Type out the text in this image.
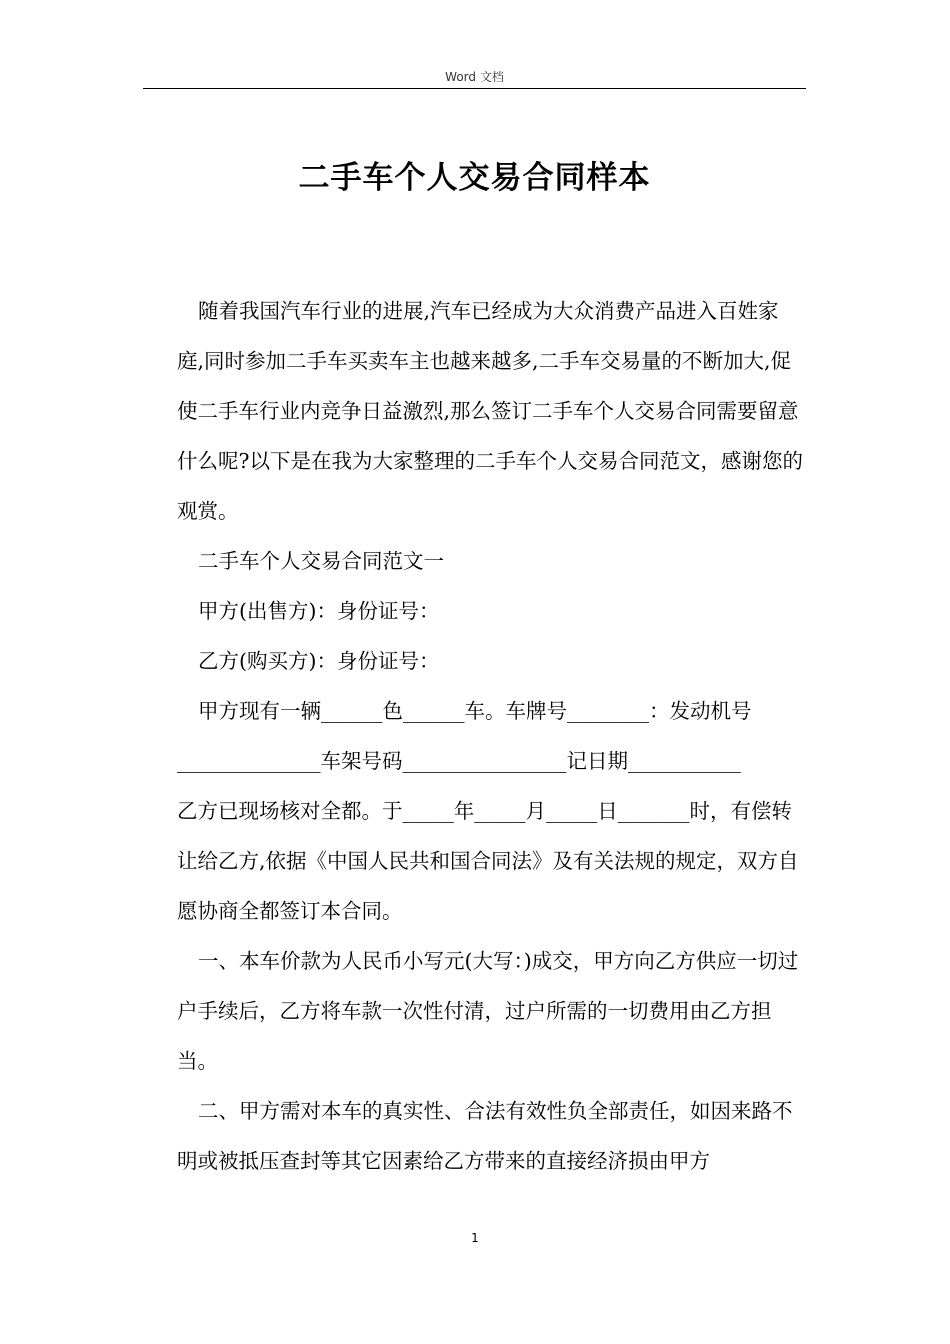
Word 文档
二手车个人交易合同样本

随着我国汽车行业的进展,汽车已经成为大众消费产品进入百姓家庭,同时参加二手车买卖车主也越来越多,二手车交易量的不断加大,促使二手车行业内竞争日益激烈,那么签订二手车个人交易合同需要留意什么呢?以下是在我为大家整理的二手车个人交易合同范文，感谢您的观赏。

二手车个人交易合同范文一

甲方(出售方)：身份证号：

乙方(购买方)：身份证号：

甲方现有一辆______色______车。车牌号________：发动机号

______________车架号码________________记日期___________

乙方已现场核对全都。于_____年_____月_____日_______时，有偿转让给乙方,依据《中国人民共和国合同法》及有关法规的规定，双方自愿协商全都签订本合同。

一、本车价款为人民币小写元(大写：)成交，甲方向乙方供应一切过户手续后，乙方将车款一次性付清，过户所需的一切费用由乙方担当。

二、甲方需对本车的真实性、合法有效性负全部责任，如因来路不明或被抵压查封等其它因素给乙方带来的直接经济损由甲方

1
